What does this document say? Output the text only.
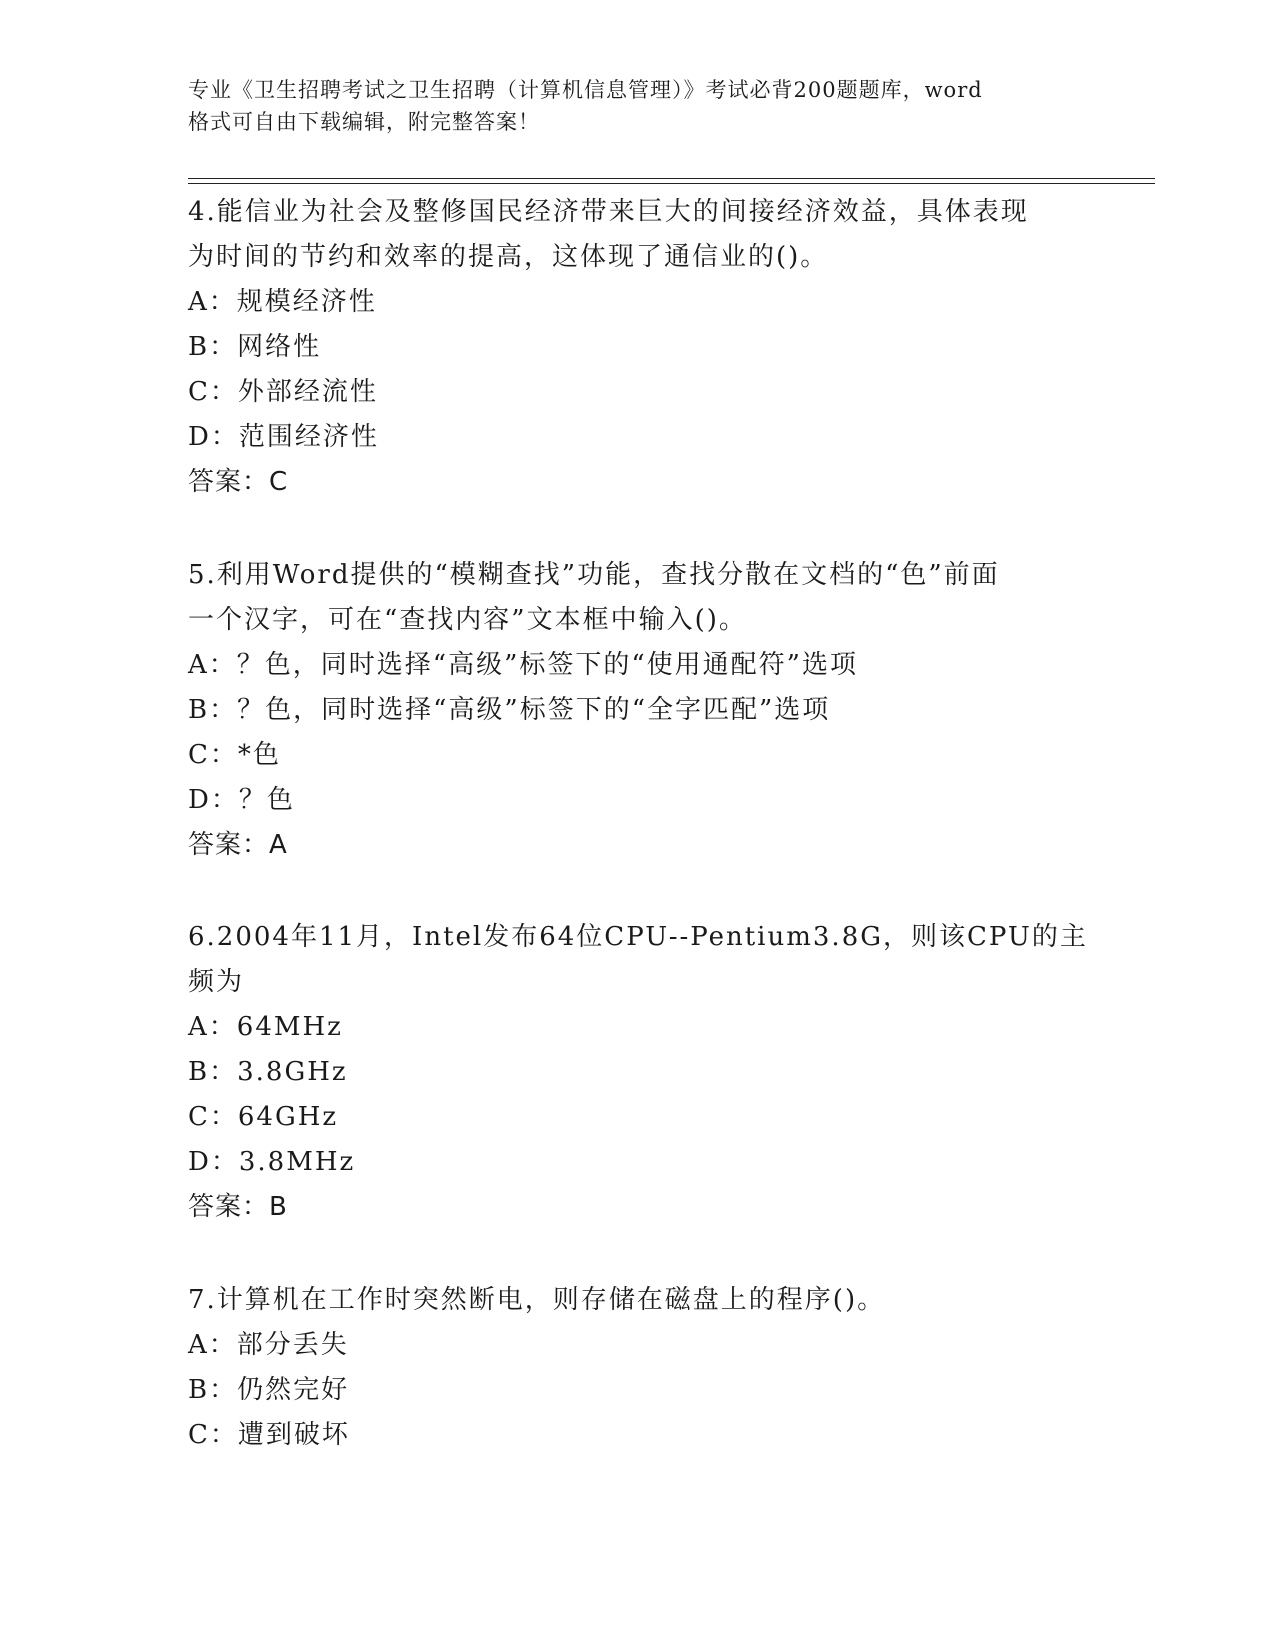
专业《卫生招聘考试之卫生招聘（计算机信息管理）》考试必背200题题库，word
格式可自由下载编辑，附完整答案！

4.能信业为社会及整修国民经济带来巨大的间接经济效益，具体表现
为时间的节约和效率的提高，这体现了通信业的()。

A：规模经济性

B：网络性

C：外部经流性

D：范围经济性

答案：C

5.利用Word提供的“模糊查找”功能，查找分散在文档的“色”前面
一个汉字，可在“查找内容”文本框中输入()。

A：？色，同时选择“高级”标签下的“使用通配符”选项

B：？色，同时选择“高级”标签下的“全字匹配”选项

C：*色

D：？色

答案：A

6.2004年11月，Intel发布64位CPU--Pentium3.8G，则该CPU的主
频为

A：64MHz

B：3.8GHz

C：64GHz

D：3.8MHz

答案：B

7.计算机在工作时突然断电，则存储在磁盘上的程序()。

A：部分丢失

B：仍然完好

C：遭到破坏
